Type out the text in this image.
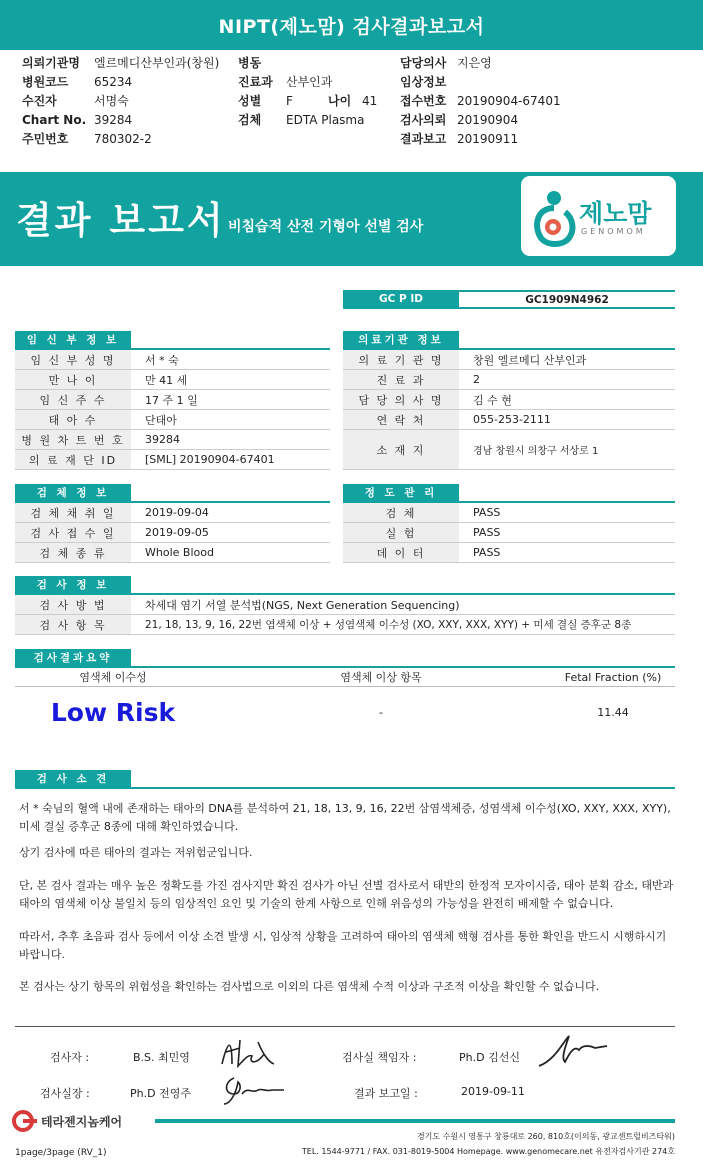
NIPT(제노맘) 검사결과보고서
의뢰기관명 엘르메디산부인과(창원)
병원코드 65234
수진자	서명숙
Chart No. 39284
주민번호 780302-2
병동
진료과 산부인과
성별 F	나이 41
검체 EDTA Plasma
담당의사 지은영
임상정보
접수번호 20190904-67401
검사의뢰 20190904
결과보고 20190911
결과 보고서 비침습적 산전 기형아 선별 검사	제노맘
GENOMOM
GC P ID	GC1909N4962
임 신 부 정 보
임 신 부 성 명	서 * 숙
만 나 이	만 41 세
임 신 주 수	17 주 1 일
태 아 수	단태아
병 원 차 트 번 호	39284
의 료 재 단 ID	[SML] 20190904-67401
의료기관 정보
의 료 기 관 명	창원 엘르메디 산부인과
진 료 과	2
담 당 의 사 명	김 수 현
연 락 처	055-253-2111
소 재 지	경남 창원시 의창구 서상로 1
검 체 정 보
검 체 채 취 일	2019-09-04
검 사 접 수 일	2019-09-05
검 체 종 류	Whole Blood
정 도 관 리
검 체	PASS
실 험	PASS
데 이 터	PASS
검 사 정 보
검 사 방 법	차세대 염기 서열 분석법(NGS, Next Generation Sequencing)
검 사 항 목	21, 18, 13, 9, 16, 22번 염색체 이상 + 성염색체 이수성 (XO, XXY, XXX, XYY) + 미세 결실 증후군 8종
검사결과요약
염색체 이수성	염색체 이상 항목	Fetal Fraction (%)
Low Risk	-	11.44
검 사 소 견
서 * 숙님의 혈액 내에 존재하는 태아의 DNA를 분석하여 21, 18, 13, 9, 16, 22번 삼염색체증, 성염색체 이수성(XO, XXY, XXX, XYY), 미세 결실 증후군 8종에 대해 확인하였습니다.
상기 검사에 따른 태아의 결과는 저위험군입니다.
단, 본 검사 결과는 매우 높은 정확도를 가진 검사지만 확진 검사가 아닌 선별 검사로서 태반의 한정적 모자이시즘, 태아 분획 감소, 태반과 태아의 염색체 이상 불일치 등의 임상적인 요인 및 기술의 한계 사항으로 인해 위음성의 가능성을 완전히 배제할 수 없습니다.
따라서, 추후 초음파 검사 등에서 이상 소견 발생 시, 임상적 상황을 고려하여 태아의 염색체 핵형 검사를 통한 확인을 반드시 시행하시기 바랍니다.
본 검사는 상기 항목의 위험성을 확인하는 검사법으로 이외의 다른 염색체 수적 이상과 구조적 이상을 확인할 수 없습니다.
검사자 :	B.S. 최민영	검사실 책임자 :	Ph.D 김선신
검사실장 :	Ph.D 전영주	결과 보고일 :	2019-09-11
테라젠지놈케어
1page/3page (RV_1)
경기도 수원시 영통구 창룡대로 260, 810호(이의동, 광교센트럴비즈타워)
TEL. 1544-9771 / FAX. 031-8019-5004 Homepage. www.genomecare.net 유전자검사기관 274호
